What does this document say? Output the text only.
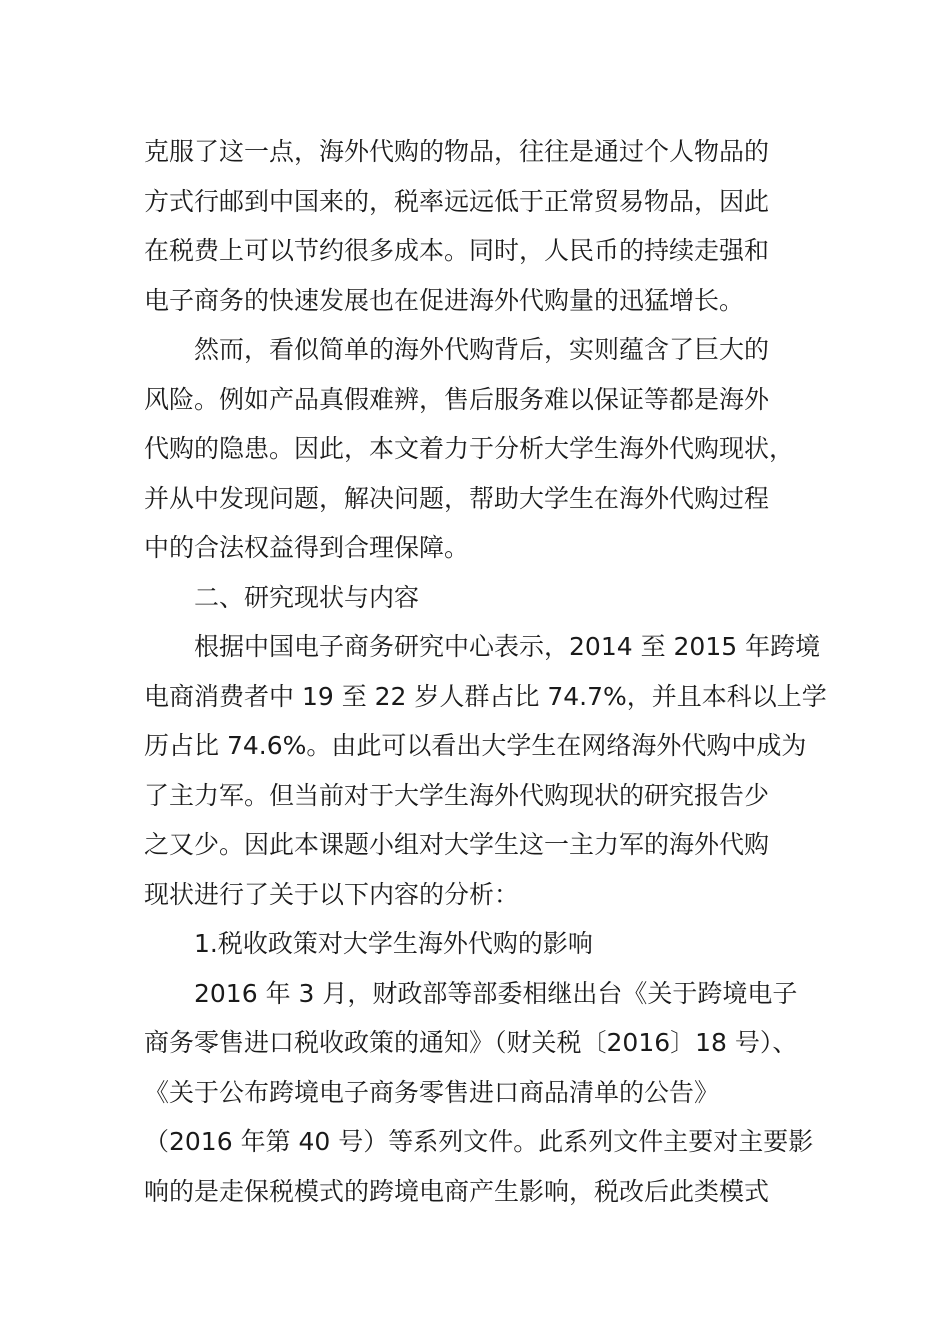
克服了这一点，海外代购的物品，往往是通过个人物品的
方式行邮到中国来的，税率远远低于正常贸易物品，因此
在税费上可以节约很多成本。同时，人民币的持续走强和
电子商务的快速发展也在促进海外代购量的迅猛增长。
然而，看似简单的海外代购背后，实则蕴含了巨大的
风险。例如产品真假难辨，售后服务难以保证等都是海外
代购的隐患。因此，本文着力于分析大学生海外代购现状，
并从中发现问题，解决问题，帮助大学生在海外代购过程
中的合法权益得到合理保障。
二、研究现状与内容
根据中国电子商务研究中心表示，2014 至 2015 年跨境
电商消费者中 19 至 22 岁人群占比 74.7%，并且本科以上学
历占比 74.6%。由此可以看出大学生在网络海外代购中成为
了主力军。但当前对于大学生海外代购现状的研究报告少
之又少。因此本课题小组对大学生这一主力军的海外代购
现状进行了关于以下内容的分析：
1.税收政策对大学生海外代购的影响
2016 年 3 月，财政部等部委相继出台《关于跨境电子
商务零售进口税收政策的通知》（财关税〔2016〕18 号）、
《关于公布跨境电子商务零售进口商品清单的公告》
（2016 年第 40 号）等系列文件。此系列文件主要对主要影
响的是走保税模式的跨境电商产生影响，税改后此类模式
